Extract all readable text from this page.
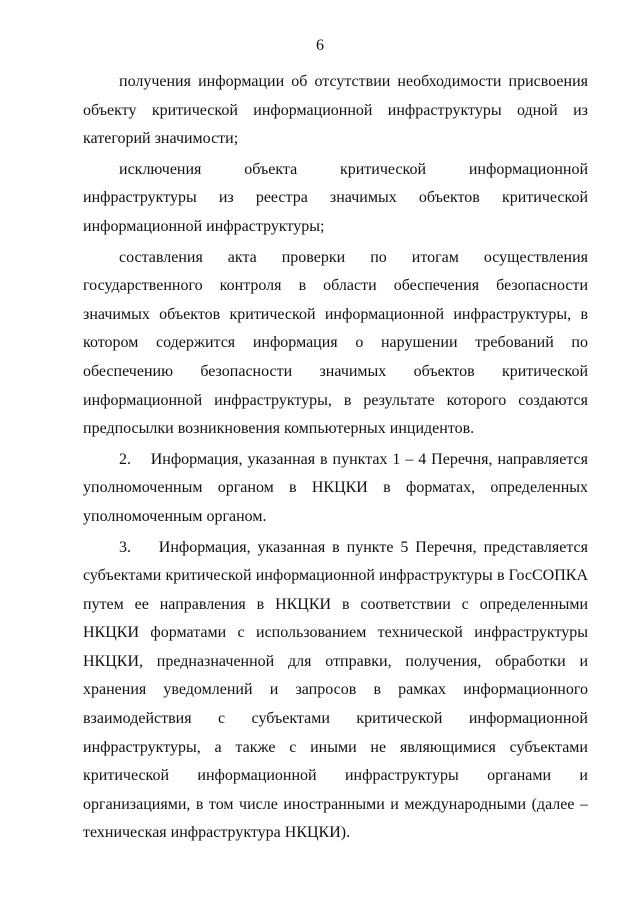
6

получения информации об отсутствии необходимости присвоения объекту критической информационной инфраструктуры одной из категорий значимости;

исключения объекта критической информационной инфраструктуры из реестра значимых объектов критической информационной инфраструктуры;

составления акта проверки по итогам осуществления государственного контроля в области обеспечения безопасности значимых объектов критической информационной инфраструктуры, в котором содержится информация о нарушении требований по обеспечению безопасности значимых объектов критической информационной инфраструктуры, в результате которого создаются предпосылки возникновения компьютерных инцидентов.

2.    Информация, указанная в пунктах 1 – 4 Перечня, направляется уполномоченным органом в НКЦКИ в форматах, определенных уполномоченным органом.

3.    Информация, указанная в пункте 5 Перечня, представляется субъектами критической информационной инфраструктуры в ГосСОПКА путем ее направления в НКЦКИ в соответствии с определенными НКЦКИ форматами с использованием технической инфраструктуры НКЦКИ, предназначенной для отправки, получения, обработки и хранения уведомлений и запросов в рамках информационного взаимодействия с субъектами критической информационной инфраструктуры, а также с иными не являющимися субъектами критической информационной инфраструктуры органами и организациями, в том числе иностранными и международными (далее – техническая инфраструктура НКЦКИ).
